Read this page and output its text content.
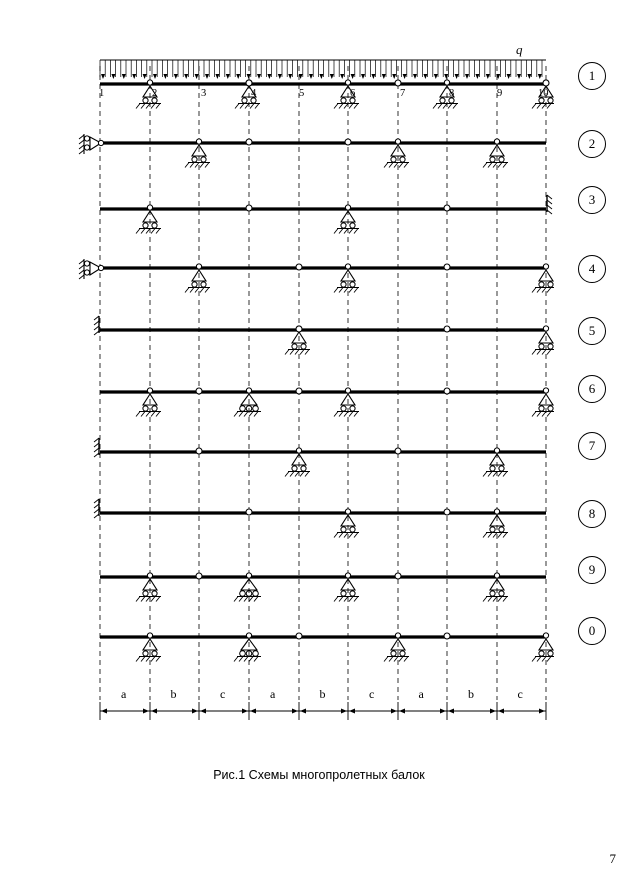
1
2
3
4
5
6
7
8
9
0
q
Рис.1 Схемы многопролетных балок
7
a	b	c	a	b	c	a	b	c
1	2	3	4	5	6	7	8	9	10
